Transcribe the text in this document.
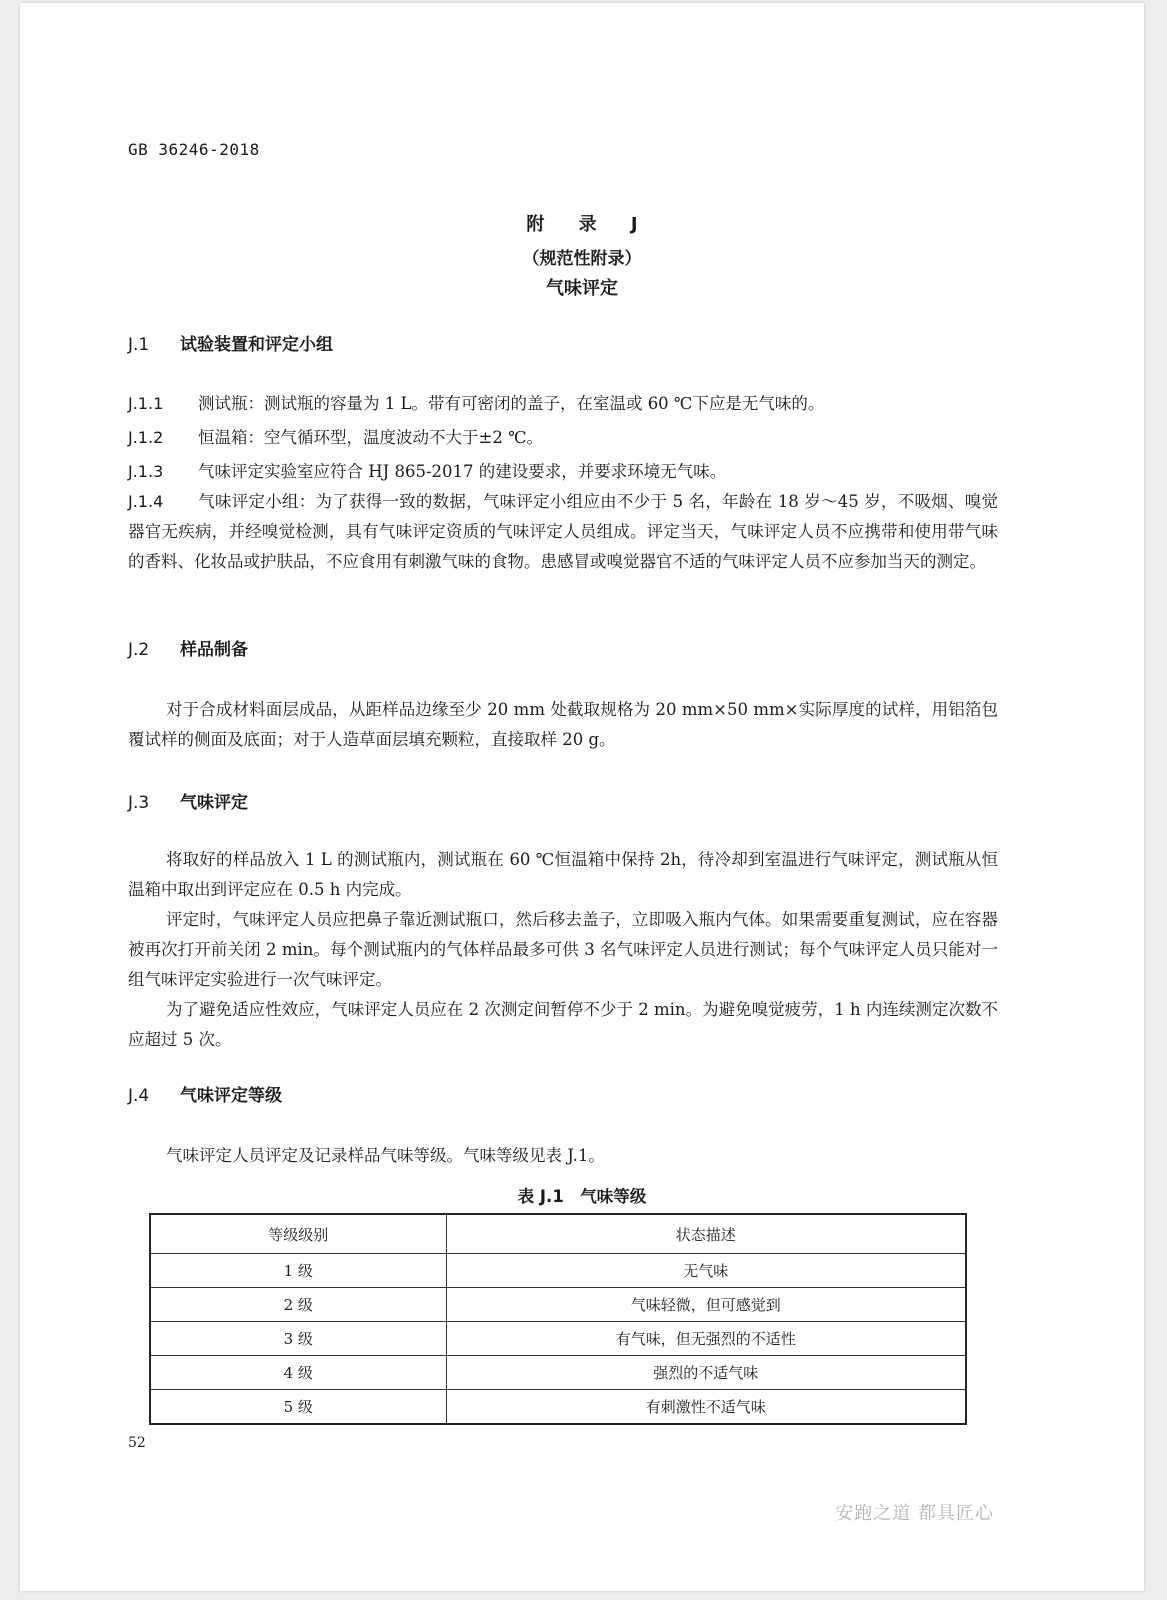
GB 36246-2018
附 录 J
（规范性附录）
气味评定
J.1 试验装置和评定小组
J.1.1 测试瓶：测试瓶的容量为 1 L。带有可密闭的盖子，在室温或 60 ℃下应是无气味的。
J.1.2 恒温箱：空气循环型，温度波动不大于±2 ℃。
J.1.3 气味评定实验室应符合 HJ 865-2017 的建设要求，并要求环境无气味。
J.1.4 气味评定小组：为了获得一致的数据，气味评定小组应由不少于 5 名，年龄在 18 岁～45 岁，不吸烟、嗅觉器官无疾病，并经嗅觉检测，具有气味评定资质的气味评定人员组成。评定当天，气味评定人员不应携带和使用带气味的香料、化妆品或护肤品，不应食用有刺激气味的食物。患感冒或嗅觉器官不适的气味评定人员不应参加当天的测定。
J.2 样品制备
对于合成材料面层成品，从距样品边缘至少 20 mm 处截取规格为 20 mm×50 mm×实际厚度的试样，用铝箔包覆试样的侧面及底面；对于人造草面层填充颗粒，直接取样 20 g。
J.3 气味评定
将取好的样品放入 1 L 的测试瓶内，测试瓶在 60 ℃恒温箱中保持 2h，待冷却到室温进行气味评定，测试瓶从恒温箱中取出到评定应在 0.5 h 内完成。
评定时，气味评定人员应把鼻子靠近测试瓶口，然后移去盖子，立即吸入瓶内气体。如果需要重复测试，应在容器被再次打开前关闭 2 min。每个测试瓶内的气体样品最多可供 3 名气味评定人员进行测试；每个气味评定人员只能对一组气味评定实验进行一次气味评定。
为了避免适应性效应，气味评定人员应在 2 次测定间暂停不少于 2 min。为避免嗅觉疲劳，1 h 内连续测定次数不应超过 5 次。
J.4 气味评定等级
气味评定人员评定及记录样品气味等级。气味等级见表 J.1。
表 J.1　气味等级
等级级别	状态描述
1 级	无气味
2 级	气味轻微，但可感觉到
3 级	有气味，但无强烈的不适性
4 级	强烈的不适气味
5 级	有刺激性不适气味
52
安跑之道 都具匠心
